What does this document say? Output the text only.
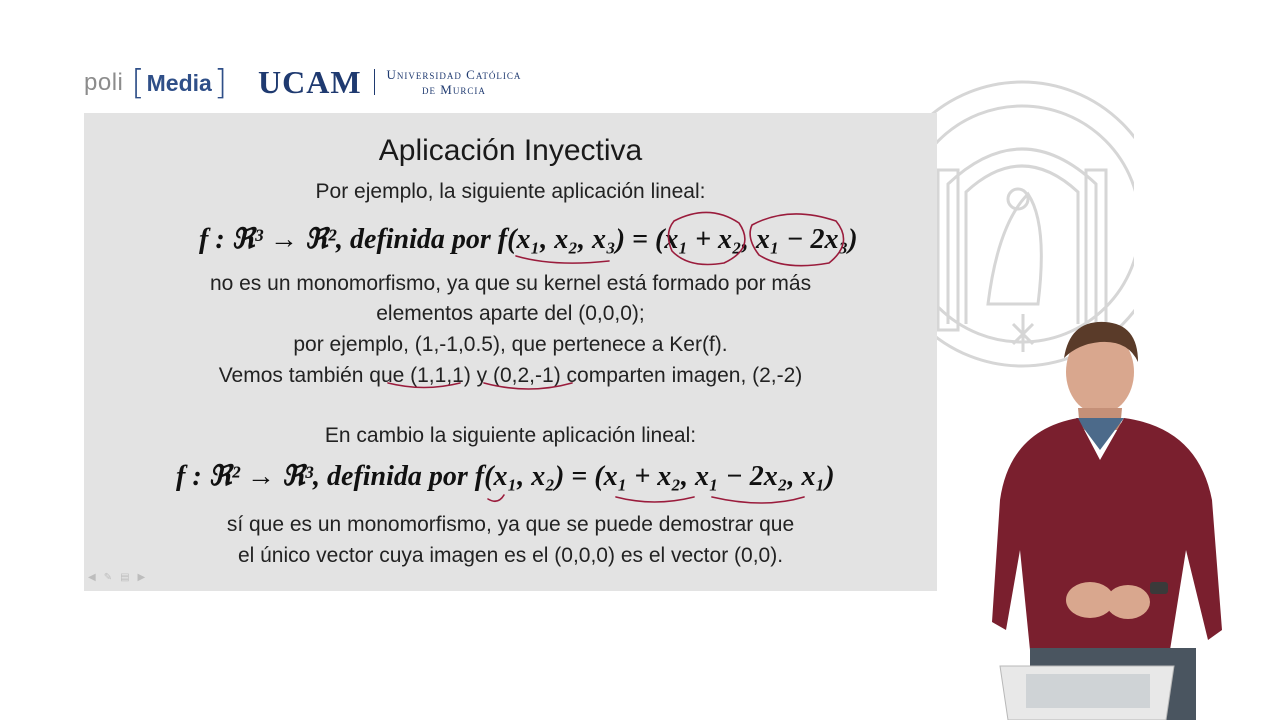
poli [ Media ] UCAM Universidad Católica
de Murcia
Aplicación Inyectiva
Por ejemplo, la siguiente aplicación lineal:
f : ℜ³ → ℜ², definida por f(x₁, x₂, x₃) = (x₁ + x₂, x₁ − 2x₃)
no es un monomorfismo, ya que su kernel está formado por más
elementos aparte del (0,0,0);
por ejemplo, (1,-1,0.5), que pertenece a Ker(f).
Vemos también que (1,1,1) y (0,2,-1) comparten imagen, (2,-2)
En cambio la siguiente aplicación lineal:
f : ℜ² → ℜ³, definida por f(x₁, x₂) = (x₁ + x₂, x₁ − 2x₂, x₁)
sí que es un monomorfismo, ya que se puede demostrar que
el único vector cuya imagen es el (0,0,0) es el vector (0,0).
◀ ✎ ▤ ▶
